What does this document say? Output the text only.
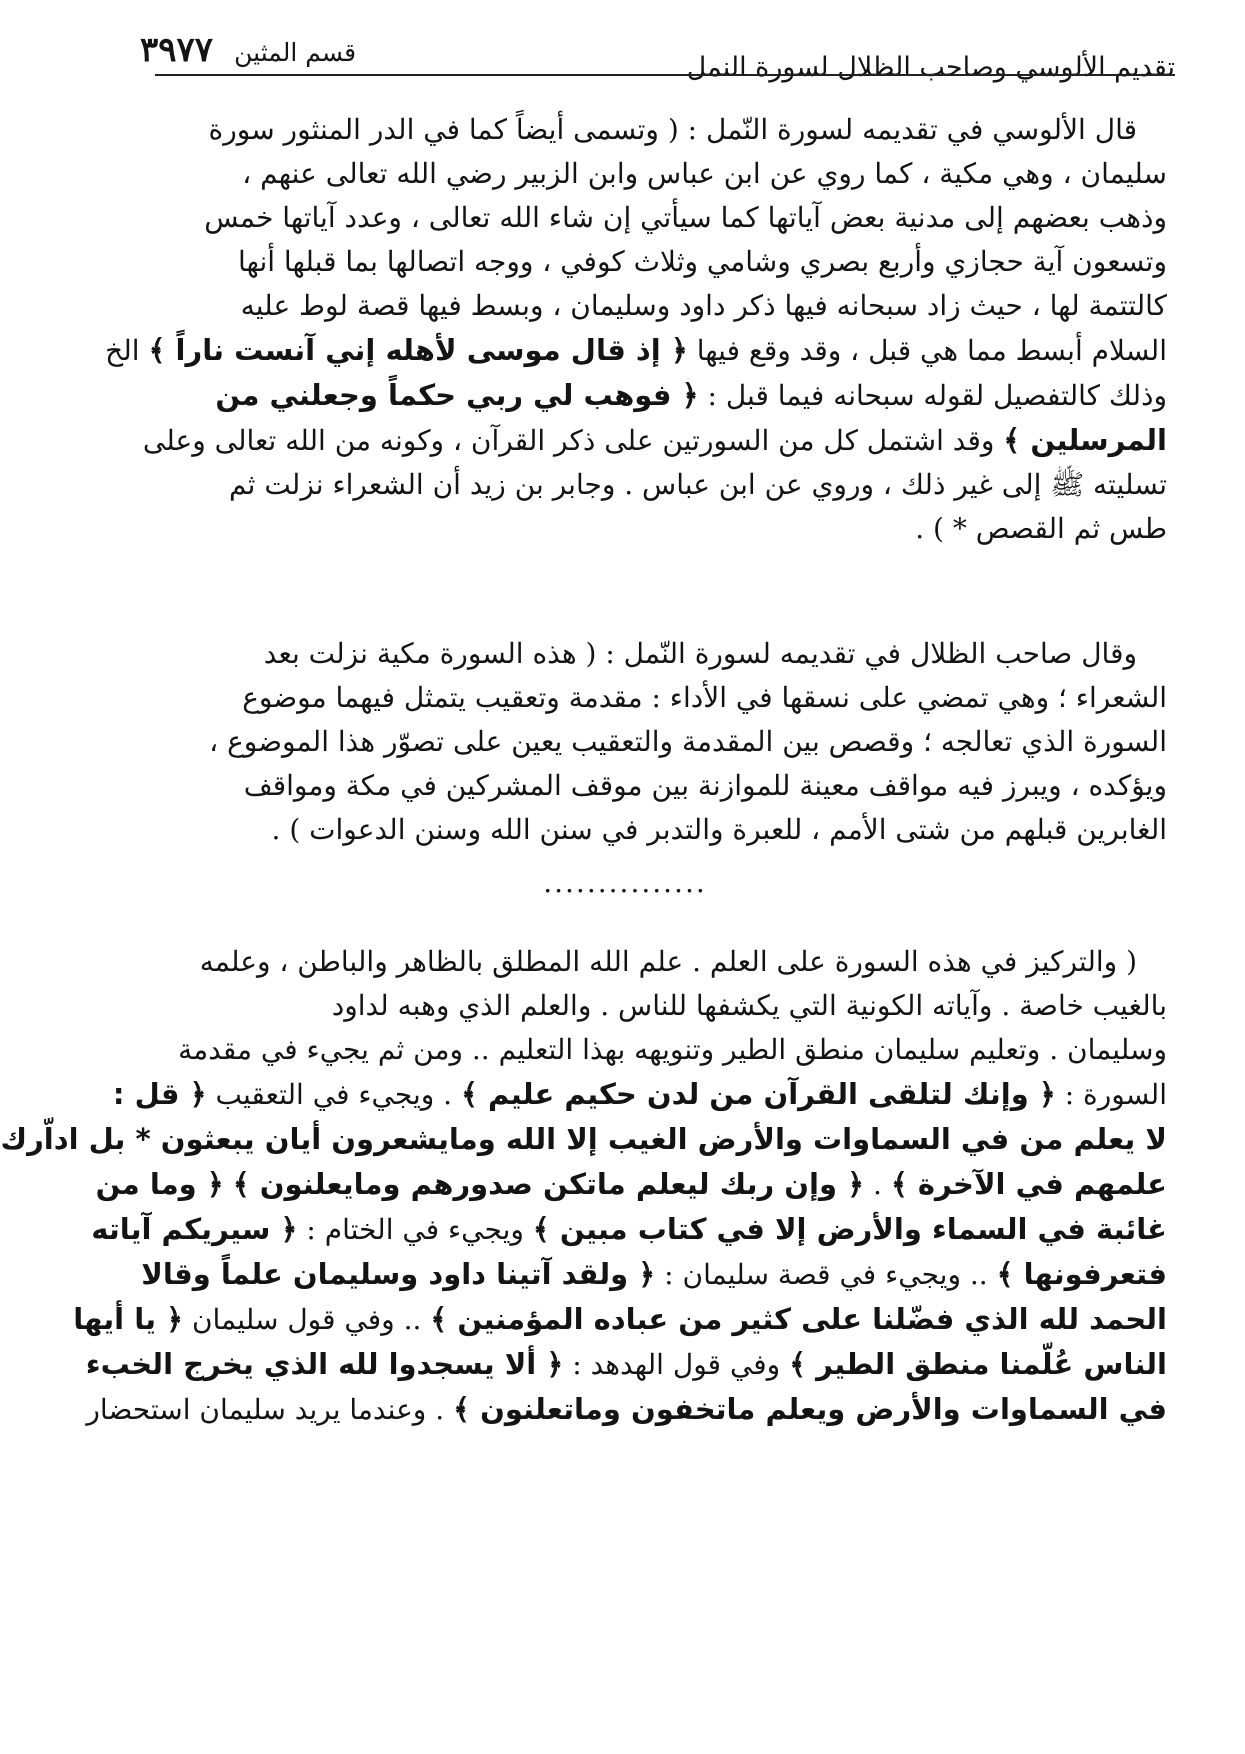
تقديم الألوسي وصاحب الظلال لسورة النمل
قسم المثين ٣٩٧٧
قال الألوسي في تقديمه لسورة النّمل : ( وتسمى أيضاً كما في الدر المنثور سورة
سليمان ، وهي مكية ، كما روي عن ابن عباس وابن الزبير رضي الله تعالى عنهم ،
وذهب بعضهم إلى مدنية بعض آياتها كما سيأتي إن شاء الله تعالى ، وعدد آياتها خمس
وتسعون آية حجازي وأربع بصري وشامي وثلاث كوفي ، ووجه اتصالها بما قبلها أنها
كالتتمة لها ، حيث زاد سبحانه فيها ذكر داود وسليمان ، وبسط فيها قصة لوط عليه
السلام أبسط مما هي قبل ، وقد وقع فيها ﴿ إذ قال موسى لأهله إني آنست ناراً ﴾ الخ
وذلك كالتفصيل لقوله سبحانه فيما قبل : ﴿ فوهب لي ربي حكماً وجعلني من
المرسلين ﴾ وقد اشتمل كل من السورتين على ذكر القرآن ، وكونه من الله تعالى وعلى
تسليته ﷺ إلى غير ذلك ، وروي عن ابن عباس . وجابر بن زيد أن الشعراء نزلت ثم
طس ثم القصص * ) .
وقال صاحب الظلال في تقديمه لسورة النّمل : ( هذه السورة مكية نزلت بعد
الشعراء ؛ وهي تمضي على نسقها في الأداء : مقدمة وتعقيب يتمثل فيهما موضوع
السورة الذي تعالجه ؛ وقصص بين المقدمة والتعقيب يعين على تصوّر هذا الموضوع ،
ويؤكده ، ويبرز فيه مواقف معينة للموازنة بين موقف المشركين في مكة ومواقف
الغابرين قبلهم من شتى الأمم ، للعبرة والتدبر في سنن الله وسنن الدعوات ) .
...............
( والتركيز في هذه السورة على العلم . علم الله المطلق بالظاهر والباطن ، وعلمه
بالغيب خاصة . وآياته الكونية التي يكشفها للناس . والعلم الذي وهبه لداود
وسليمان . وتعليم سليمان منطق الطير وتنويهه بهذا التعليم .. ومن ثم يجيء في مقدمة
السورة : ﴿ وإنك لتلقى القرآن من لدن حكيم عليم ﴾ . ويجيء في التعقيب ﴿ قل :
لا يعلم من في السماوات والأرض الغيب إلا الله ومايشعرون أيان يبعثون * بل اداّرك
علمهم في الآخرة ﴾ . ﴿ وإن ربك ليعلم ماتكن صدورهم ومايعلنون ﴾ ﴿ وما من
غائبة في السماء والأرض إلا في كتاب مبين ﴾ ويجيء في الختام : ﴿ سيريكم آياته
فتعرفونها ﴾ .. ويجيء في قصة سليمان : ﴿ ولقد آتينا داود وسليمان علماً وقالا
الحمد لله الذي فضّلنا على كثير من عباده المؤمنين ﴾ .. وفي قول سليمان ﴿ يا أيها
الناس عُلّمنا منطق الطير ﴾ وفي قول الهدهد : ﴿ ألا يسجدوا لله الذي يخرج الخبء
في السماوات والأرض ويعلم ماتخفون وماتعلنون ﴾ . وعندما يريد سليمان استحضار
